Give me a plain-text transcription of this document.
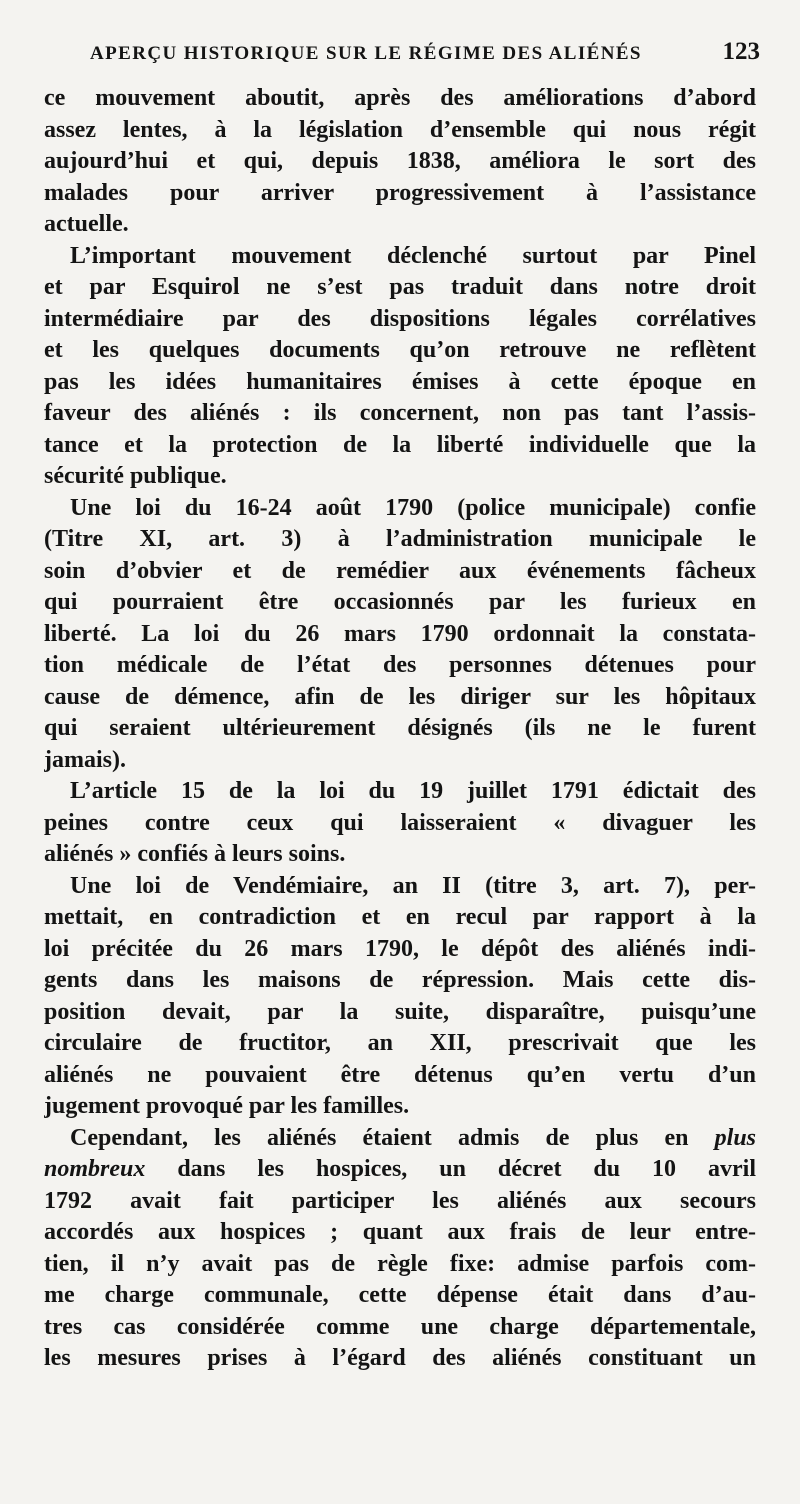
APERÇU HISTORIQUE SUR LE RÉGIME DES ALIÉNÉS	123
ce mouvement aboutit, après des améliorations d’abord
assez lentes, à la législation d’ensemble qui nous régit
aujourd’hui et qui, depuis 1838, améliora le sort des
malades pour arriver progressivement à l’assistance
actuelle.
L’important mouvement déclenché surtout par Pinel
et par Esquirol ne s’est pas traduit dans notre droit
intermédiaire par des dispositions légales corrélatives
et les quelques documents qu’on retrouve ne reflètent
pas les idées humanitaires émises à cette époque en
faveur des aliénés : ils concernent, non pas tant l’assis-
tance et la protection de la liberté individuelle que la
sécurité publique.
Une loi du 16-24 août 1790 (police municipale) confie
(Titre XI, art. 3) à l’administration municipale le
soin d’obvier et de remédier aux événements fâcheux
qui pourraient être occasionnés par les furieux en
liberté. La loi du 26 mars 1790 ordonnait la constata-
tion médicale de l’état des personnes détenues pour
cause de démence, afin de les diriger sur les hôpitaux
qui seraient ultérieurement désignés (ils ne le furent
jamais).
L’article 15 de la loi du 19 juillet 1791 édictait des
peines contre ceux qui laisseraient « divaguer les
aliénés » confiés à leurs soins.
Une loi de Vendémiaire, an II (titre 3, art. 7), per-
mettait, en contradiction et en recul par rapport à la
loi précitée du 26 mars 1790, le dépôt des aliénés indi-
gents dans les maisons de répression. Mais cette dis-
position devait, par la suite, disparaître, puisqu’une
circulaire de fructitor, an XII, prescrivait que les
aliénés ne pouvaient être détenus qu’en vertu d’un
jugement provoqué par les familles.
Cependant, les aliénés étaient admis de plus en plus
nombreux dans les hospices, un décret du 10 avril
1792 avait fait participer les aliénés aux secours
accordés aux hospices ; quant aux frais de leur entre-
tien, il n’y avait pas de règle fixe: admise parfois com-
me charge communale, cette dépense était dans d’au-
tres cas considérée comme une charge départementale,
les mesures prises à l’égard des aliénés constituant un
